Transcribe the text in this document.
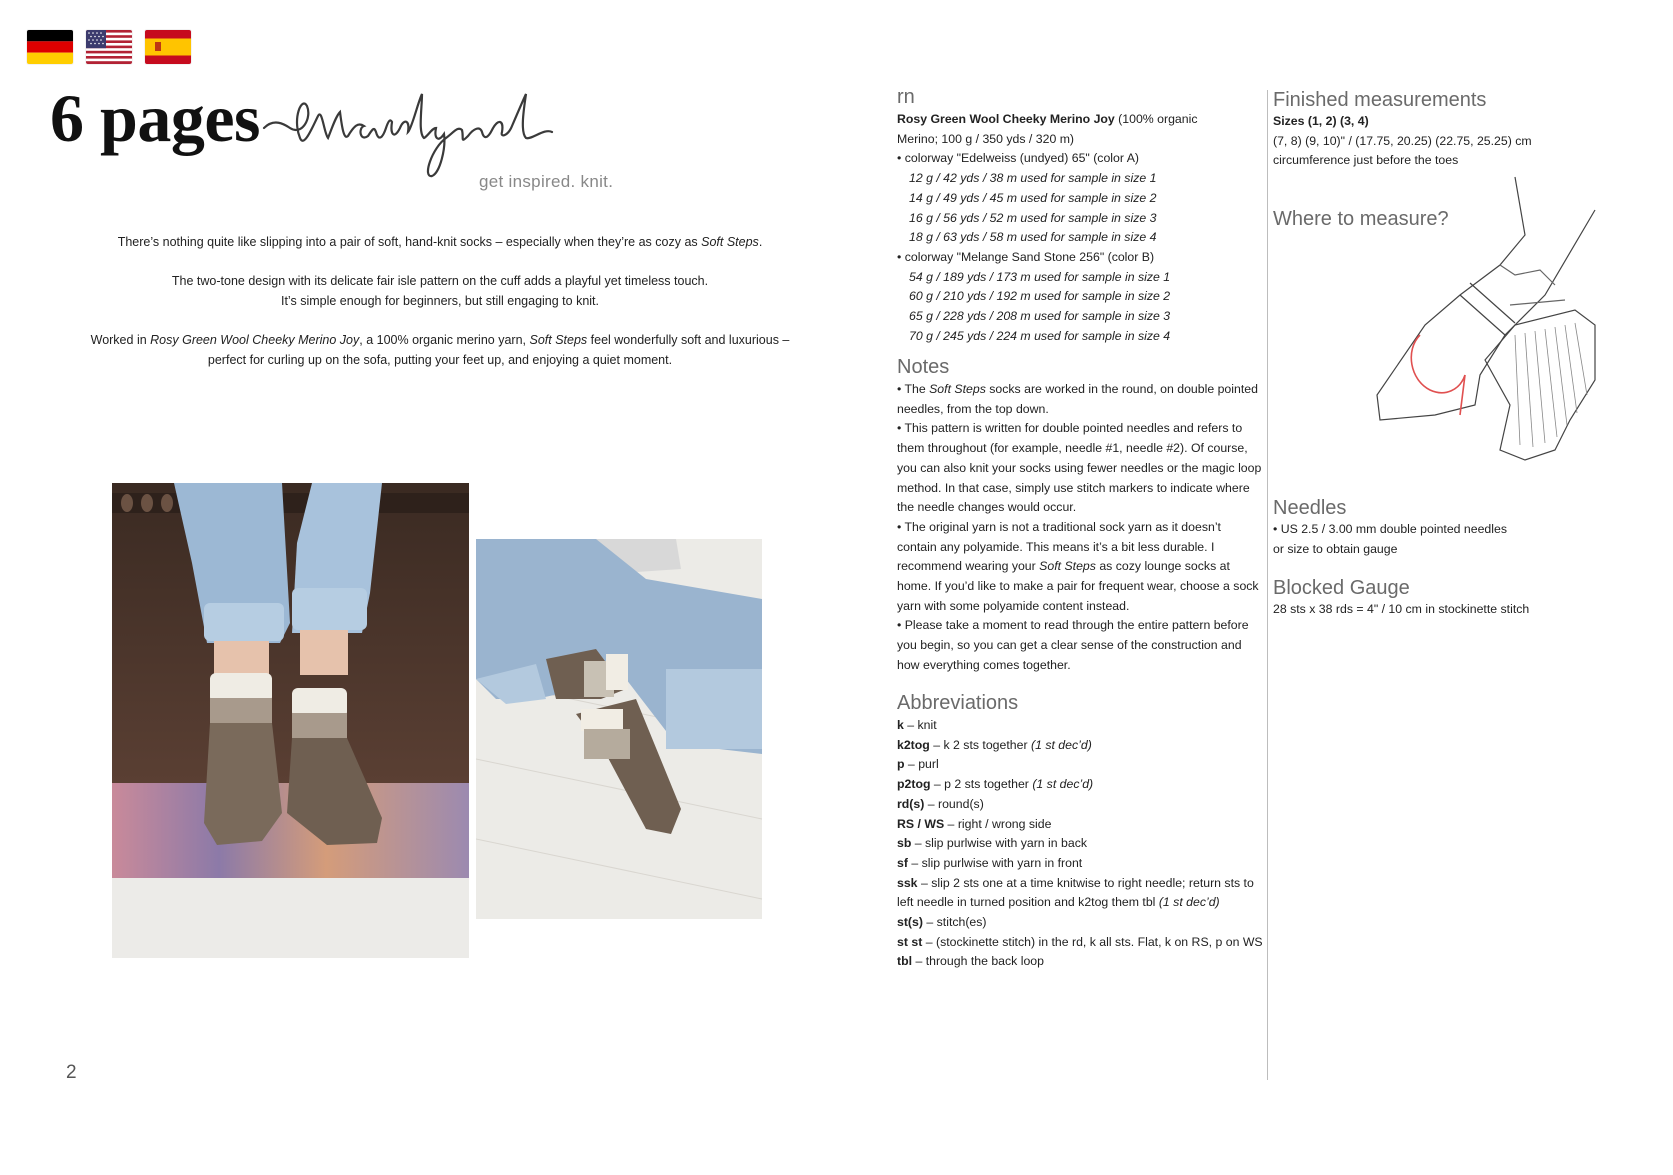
6 pages
get inspired. knit.

There’s nothing quite like slipping into a pair of soft, hand-knit socks – especially when they’re as cozy as Soft Steps.

The two-tone design with its delicate fair isle pattern on the cuff adds a playful yet timeless touch.

It’s simple enough for beginners, but still engaging to knit.

Worked in Rosy Green Wool Cheeky Merino Joy, a 100% organic merino yarn, Soft Steps feel wonderfully soft and luxurious –

perfect for curling up on the sofa, putting your feet up, and enjoying a quiet moment.

2
rn

Rosy Green Wool Cheeky Merino Joy (100% organic

Merino; 100 g / 350 yds / 320 m)

• colorway "Edelweiss (undyed) 65" (color A)

12 g / 42 yds / 38 m used for sample in size 1

14 g / 49 yds / 45 m used for sample in size 2

16 g / 56 yds / 52 m used for sample in size 3

18 g / 63 yds / 58 m used for sample in size 4

• colorway "Melange Sand Stone 256" (color B)

54 g / 189 yds / 173 m used for sample in size 1

60 g / 210 yds / 192 m used for sample in size 2

65 g / 228 yds / 208 m used for sample in size 3

70 g / 245 yds / 224 m used for sample in size 4

Notes

• The Soft Steps socks are worked in the round, on double pointed

needles, from the top down.

• This pattern is written for double pointed needles and refers to

them throughout (for example, needle #1, needle #2). Of course,

you can also knit your socks using fewer needles or the magic loop

method. In that case, simply use stitch markers to indicate where

the needle changes would occur.

• The original yarn is not a traditional sock yarn as it doesn’t

contain any polyamide. This means it’s a bit less durable. I

recommend wearing your Soft Steps as cozy lounge socks at

home. If you’d like to make a pair for frequent wear, choose a sock

yarn with some polyamide content instead.

• Please take a moment to read through the entire pattern before

you begin, so you can get a clear sense of the construction and

how everything comes together.

Abbreviations

k – knit

k2tog – k 2 sts together (1 st dec’d)

p – purl

p2tog – p 2 sts together (1 st dec’d)

rd(s) – round(s)

RS / WS – right / wrong side

sb – slip purlwise with yarn in back

sf – slip purlwise with yarn in front

ssk – slip 2 sts one at a time knitwise to right needle; return sts to

left needle in turned position and k2tog them tbl (1 st dec’d)

st(s) – stitch(es)

st st – (stockinette stitch) in the rd, k all sts. Flat, k on RS, p on WS

tbl – through the back loop

Finished measurements

Sizes (1, 2) (3, 4)

(7, 8) (9, 10)" / (17.75, 20.25) (22.75, 25.25) cm

circumference just before the toes

Where to measure?
Needles

• US 2.5 / 3.00 mm double pointed needles

or size to obtain gauge

Blocked Gauge

28 sts x 38 rds = 4" / 10 cm in stockinette stitch
